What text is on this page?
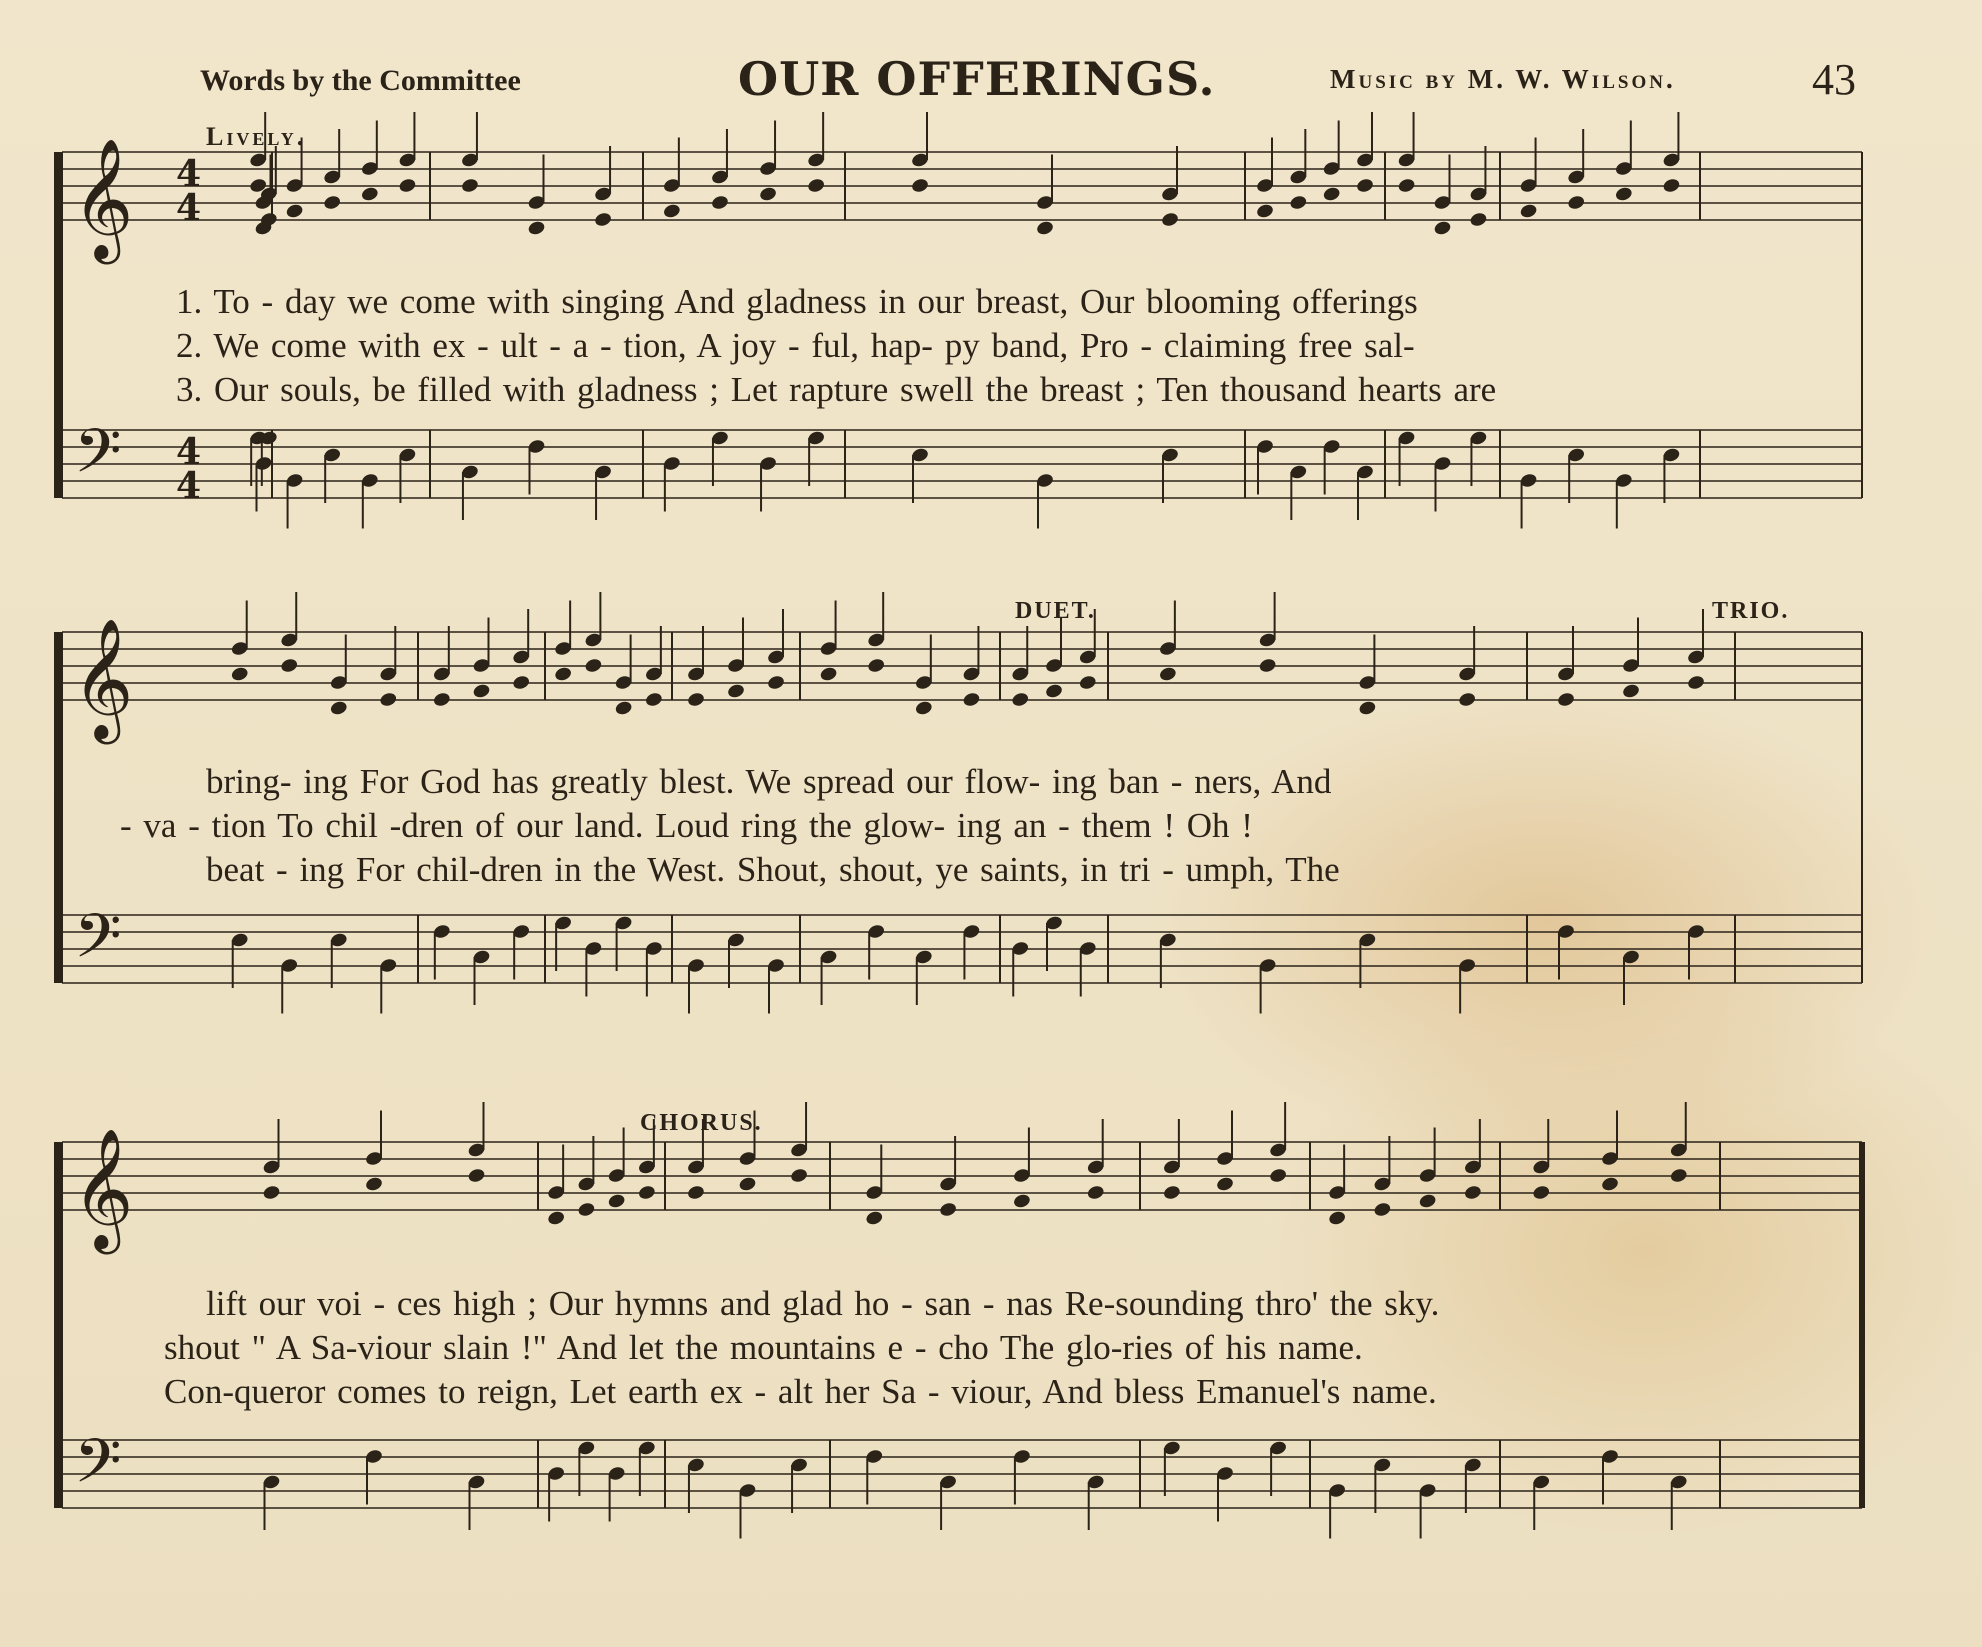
Words by the Committee	OUR OFFERINGS.	Music by M. W. Wilson.	43
Lively.
DUET.	TRIO.
CHORUS.
𝄞
𝄢
4
4
4
4
𝄞
𝄢
𝄞
𝄢
1. To - day we come with singing And gladness in our breast, Our blooming offerings
2. We come with ex - ult - a - tion, A joy - ful, hap- py band, Pro - claiming free sal-
3. Our souls, be filled with gladness ; Let rapture swell the breast ; Ten thousand hearts are
bring- ing For God has greatly blest. We spread our flow- ing ban - ners, And
- va - tion To chil -dren of our land. Loud ring the glow- ing an - them ! Oh !
beat - ing For chil-dren in the West. Shout, shout, ye saints, in tri - umph, The
lift our voi - ces high ; Our hymns and glad ho - san - nas Re-sounding thro' the sky.
shout " A Sa-viour slain !" And let the mountains e - cho The glo-ries of his name.
Con-queror comes to reign, Let earth ex - alt her Sa - viour, And bless Emanuel's name.
